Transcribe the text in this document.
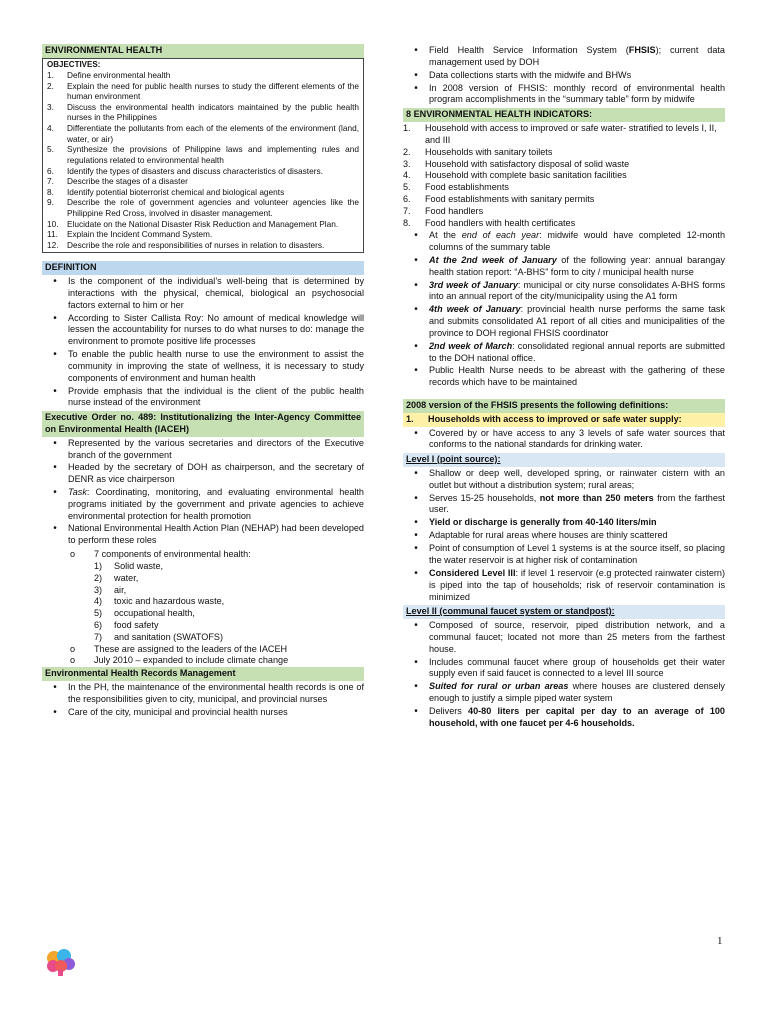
ENVIRONMENTAL HEALTH
OBJECTIVES:
1.	Define environmental health
2.	Explain the need for public health nurses to study the different elements of the human environment
3.	Discuss the environmental health indicators maintained by the public health nurses in the Philippines
4.	Differentiate the pollutants from each of the elements of the environment (land, water, or air)
5.	Synthesize the provisions of Philippine laws and implementing rules and regulations related to environmental health
6.	Identify the types of disasters and discuss characteristics of disasters.
7.	Describe the stages of a disaster
8.	Identify potential bioterrorist chemical and biological agents
9.	Describe the role of government agencies and volunteer agencies like the Philippine Red Cross, involved in disaster management.
10.	Elucidate on the National Disaster Risk Reduction and Management Plan.
11.	Explain the Incident Command System.
12.	Describe the role and responsibilities of nurses in relation to disasters.
DEFINITION
•	Is the component of the individual’s well-being that is determined by interactions with the physical, chemical, biological an psychosocial factors external to him or her
•	According to Sister Callista Roy: No amount of medical knowledge will lessen the accountability for nurses to do what nurses to do: manage the environment to promote positive life processes
•	To enable the public health nurse to use the environment to assist the community in improving the state of wellness, it is necessary to study components of environment and human health
•	Provide emphasis that the individual is the client of the public health nurse instead of the environment
Executive Order no. 489: Institutionalizing the Inter-Agency Committee on Environmental Health (IACEH)
•	Represented by the various secretaries and directors of the Executive branch of the government
•	Headed by the secretary of DOH as chairperson, and the secretary of DENR as vice chairperson
•	Task: Coordinating, monitoring, and evaluating environmental health programs initiated by the government and private agencies to achieve environmental protection for health promotion
•	National Environmental Health Action Plan (NEHAP) had been developed to perform these roles
o	7 components of environmental health:
1)	Solid waste,
2)	water,
3)	air,
4)	toxic and hazardous waste,
5)	occupational health,
6)	food safety
7)	and sanitation (SWATOFS)
o	These are assigned to the leaders of the IACEH
o	July 2010 – expanded to include climate change
Environmental Health Records Management
•	In the PH, the maintenance of the environmental health records is one of the responsibilities given to city, municipal, and provincial nurses
•	Care of the city, municipal and provincial health nurses
•	Field Health Service Information System (FHSIS); current data management used by DOH
•	Data collections starts with the midwife and BHWs
•	In 2008 version of FHSIS: monthly record of environmental health program accomplishments in the “summary table” form by midwife
8 ENVIRONMENTAL HEALTH INDICATORS:
1.	Household with access to improved or safe water- stratified to levels I, II, and III
2.	Households with sanitary toilets
3.	Household with satisfactory disposal of solid waste
4.	Household with complete basic sanitation facilities
5.	Food establishments
6.	Food establishments with sanitary permits
7.	Food handlers
8.	Food handlers with health certificates
•	At the end of each year: midwife would have completed 12-month columns of the summary table
•	At the 2nd week of January of the following year: annual barangay health station report: “A-BHS” form to city / municipal health nurse
•	3rd week of January: municipal or city nurse consolidates A-BHS forms into an annual report of the city/municipality using the A1 form
•	4th week of January: provincial health nurse performs the same task and submits consolidated A1 report of all cities and municipalities of the province to DOH regional FHSIS coordinator
•	2nd week of March: consolidated regional annual reports are submitted to the DOH national office.
•	Public Health Nurse needs to be abreast with the gathering of these records which have to be maintained
2008 version of the FHSIS presents the following definitions:
1.	Households with access to improved or safe water supply:
•	Covered by or have access to any 3 levels of safe water sources that conforms to the national standards for drinking water.
Level I (point source):
•	Shallow or deep well, developed spring, or rainwater cistern with an outlet but without a distribution system; rural areas;
•	Serves 15-25 households, not more than 250 meters from the farthest user.
•	Yield or discharge is generally from 40-140 liters/min
•	Adaptable for rural areas where houses are thinly scattered
•	Point of consumption of Level 1 systems is at the source itself, so placing the water reservoir is at higher risk of contamination
•	Considered Level III: if level 1 reservoir (e.g protected rainwater cistern) is piped into the tap of households; risk of reservoir contamination is minimized
Level II (communal faucet system or standpost):
•	Composed of source, reservoir, piped distribution network, and a communal faucet; located not more than 25 meters from the farthest house.
•	Includes communal faucet where group of households get their water supply even if said faucet is connected to a level III source
•	Suited for rural or urban areas where houses are clustered densely enough to justify a simple piped water system
•	Delivers 40-80 liters per capital per day to an average of 100 household, with one faucet per 4-6 households.
1
